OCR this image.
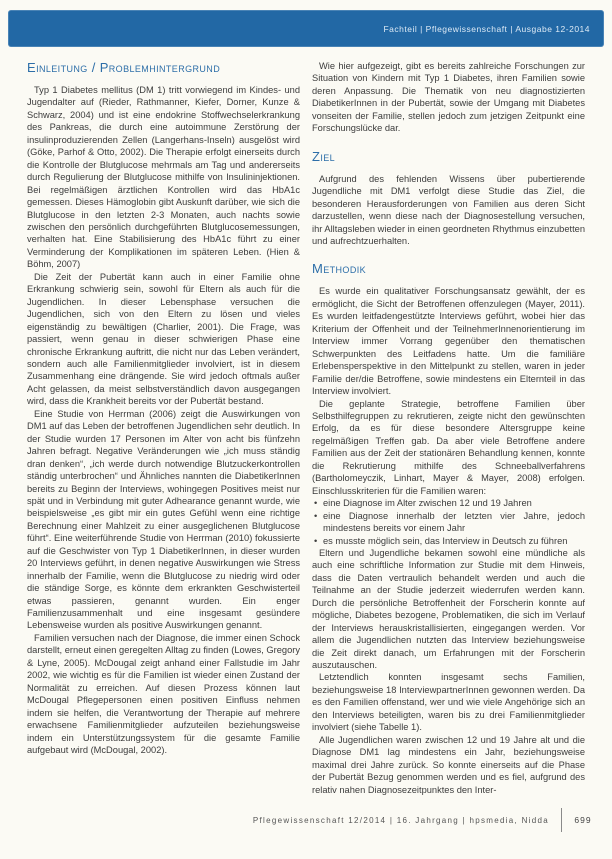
Fachteil | Pflegewissenschaft | Ausgabe 12-2014
Einleitung / Problemhintergrund

Typ 1 Diabetes mellitus (DM 1) tritt vorwiegend im Kindes- und Jugendalter auf (Rieder, Rathmanner, Kiefer, Dorner, Kunze & Schwarz, 2004) und ist eine endokrine Stoffwechselerkrankung des Pankreas, die durch eine autoimmune Zerstörung der insulinproduzierenden Zellen (Langerhans-Inseln) ausgelöst wird (Göke, Parhof & Otto, 2002). Die Therapie erfolgt einerseits durch die Kontrolle der Blutglucose mehrmals am Tag und andererseits durch Regulierung der Blutglucose mithilfe von Insulininjektionen. Bei regelmäßigen ärztlichen Kontrollen wird das HbA1c gemessen. Dieses Hämoglobin gibt Auskunft darüber, wie sich die Blutglucose in den letzten 2-3 Monaten, auch nachts sowie zwischen den persönlich durchgeführten Blutglucosemessungen, verhalten hat. Eine Stabilisierung des HbA1c führt zu einer Verminderung der Komplikationen im späteren Leben. (Hien & Böhm, 2007)

Die Zeit der Pubertät kann auch in einer Familie ohne Erkrankung schwierig sein, sowohl für Eltern als auch für die Jugendlichen. In dieser Lebensphase versuchen die Jugendlichen, sich von den Eltern zu lösen und vieles eigenständig zu bewältigen (Charlier, 2001). Die Frage, was passiert, wenn genau in dieser schwierigen Phase eine chronische Erkrankung auftritt, die nicht nur das Leben verändert, sondern auch alle Familienmitglieder involviert, ist in diesem Zusammenhang eine drängende. Sie wird jedoch oftmals außer Acht gelassen, da meist selbstverständlich davon ausgegangen wird, dass die Krankheit bereits vor der Pubertät bestand.

Eine Studie von Herrman (2006) zeigt die Auswirkungen von DM1 auf das Leben der betroffenen Jugendlichen sehr deutlich. In der Studie wurden 17 Personen im Alter von acht bis fünfzehn Jahren befragt. Negative Veränderungen wie „ich muss ständig dran denken“, „ich werde durch notwendige Blutzuckerkontrollen ständig unterbrochen“ und Ähnliches nannten die DiabetikerInnen bereits zu Beginn der Interviews, wohingegen Positives meist nur spät und in Verbindung mit guter Adhearance genannt wurde, wie beispielsweise „es gibt mir ein gutes Gefühl wenn eine richtige Berechnung einer Mahlzeit zu einer ausgeglichenen Blutglucose führt“. Eine weiterführende Studie von Herrman (2010) fokussierte auf die Geschwister von Typ 1 DiabetikerInnen, in dieser wurden 20 Interviews geführt, in denen negative Auswirkungen wie Stress innerhalb der Familie, wenn die Blutglucose zu niedrig wird oder die ständige Sorge, es könnte dem erkrankten Geschwisterteil etwas passieren, genannt wurden. Ein enger Familienzusammenhalt und eine insgesamt gesündere Lebensweise wurden als positive Auswirkungen genannt.

Familien versuchen nach der Diagnose, die immer einen Schock darstellt, erneut einen geregelten Alltag zu finden (Lowes, Gregory & Lyne, 2005). McDougal zeigt anhand einer Fallstudie im Jahr 2002, wie wichtig es für die Familien ist wieder einen Zustand der Normalität zu erreichen. Auf diesen Prozess können laut McDougal Pflegepersonen einen positiven Einfluss nehmen indem sie helfen, die Verantwortung der Therapie auf mehrere erwachsene Familienmitglieder aufzuteilen beziehungsweise indem ein Unterstützungssystem für die gesamte Familie aufgebaut wird (McDougal, 2002).

Wie hier aufgezeigt, gibt es bereits zahlreiche Forschungen zur Situation von Kindern mit Typ 1 Diabetes, ihren Familien sowie deren Anpassung. Die Thematik von neu diagnostizierten DiabetikerInnen in der Pubertät, sowie der Umgang mit Diabetes vonseiten der Familie, stellen jedoch zum jetzigen Zeitpunkt eine Forschungslücke dar.

Ziel

Aufgrund des fehlenden Wissens über pubertierende Jugendliche mit DM1 verfolgt diese Studie das Ziel, die besonderen Herausforderungen von Familien aus deren Sicht darzustellen, wenn diese nach der Diagnosestellung versuchen, ihr Alltagsleben wieder in einen geordneten Rhythmus einzubetten und aufrechtzuerhalten.

Methodik

Es wurde ein qualitativer Forschungsansatz gewählt, der es ermöglicht, die Sicht der Betroffenen offenzulegen (Mayer, 2011). Es wurden leitfadengestützte Interviews geführt, wobei hier das Kriterium der Offenheit und der TeilnehmerInnenorientierung im Interview immer Vorrang gegenüber den thematischen Schwerpunkten des Leitfadens hatte. Um die familiäre Erlebensperspektive in den Mittelpunkt zu stellen, waren in jeder Familie der/die Betroffene, sowie mindestens ein Elternteil in das Interview involviert.

Die geplante Strategie, betroffene Familien über Selbsthilfegruppen zu rekrutieren, zeigte nicht den gewünschten Erfolg, da es für diese besondere Altersgruppe keine regelmäßigen Treffen gab. Da aber viele Betroffene andere Familien aus der Zeit der stationären Behandlung kennen, konnte die Rekrutierung mithilfe des Schneeballverfahrens (Bartholomeyczik, Linhart, Mayer & Mayer, 2008) erfolgen. Einschlusskriterien für die Familien waren:

• eine Diagnose im Alter zwischen 12 und 19 Jahren
• eine Diagnose innerhalb der letzten vier Jahre, jedoch mindestens bereits vor einem Jahr
• es musste möglich sein, das Interview in Deutsch zu führen

Eltern und Jugendliche bekamen sowohl eine mündliche als auch eine schriftliche Information zur Studie mit dem Hinweis, dass die Daten vertraulich behandelt werden und auch die Teilnahme an der Studie jederzeit wiederrufen werden kann. Durch die persönliche Betroffenheit der Forscherin konnte auf mögliche, Diabetes bezogene, Problematiken, die sich im Verlauf der Interviews herauskristallisierten, eingegangen werden. Vor allem die Jugendlichen nutzten das Interview beziehungsweise die Zeit direkt danach, um Erfahrungen mit der Forscherin auszutauschen.

Letztendlich konnten insgesamt sechs Familien, beziehungsweise 18 InterviewpartnerInnen gewonnen werden. Da es den Familien offenstand, wer und wie viele Angehörige sich an den Interviews beteiligten, waren bis zu drei Familienmitglieder involviert (siehe Tabelle 1).

Alle Jugendlichen waren zwischen 12 und 19 Jahre alt und die Diagnose DM1 lag mindestens ein Jahr, beziehungsweise maximal drei Jahre zurück. So konnte einerseits auf die Phase der Pubertät Bezug genommen werden und es fiel, aufgrund des relativ nahen Diagnosezeitpunktes den Inter-

Pflegewissenschaft 12/2014 | 16. Jahrgang | hpsmedia, Nidda	699
